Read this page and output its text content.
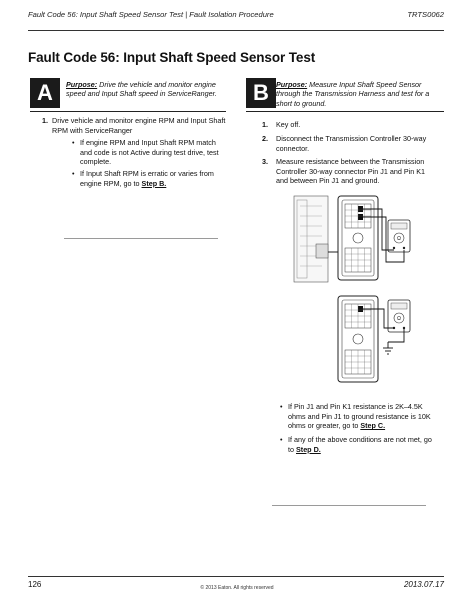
Fault Code 56: Input Shaft Speed Sensor Test | Fault Isolation Procedure	TRTS0062
Fault Code 56: Input Shaft Speed Sensor Test
A	Purpose: Drive the vehicle and monitor engine speed and Input Shaft speed in ServiceRanger.
1. Drive vehicle and monitor engine RPM and Input Shaft RPM with ServiceRanger
• If engine RPM and Input Shaft RPM match and code is not Active during test drive, test complete.
• If Input Shaft RPM is erratic or varies from engine RPM, go to Step B.
B Purpose: Measure Input Shaft Speed Sensor through the Transmission Harness and test for a short to ground.
1. Key off.
2. Disconnect the Transmission Controller 30-way connector.
3. Measure resistance between the Transmission Controller 30-way connector Pin J1 and Pin K1 and between Pin J1 and ground.
Ω
Ω
• If Pin J1 and Pin K1 resistance is 2K–4.5K ohms and Pin J1 to ground resistance is 10K ohms or greater, go to Step C.
• If any of the above conditions are not met, go to Step D.
126	© 2013 Eaton. All rights reserved	2013.07.17
